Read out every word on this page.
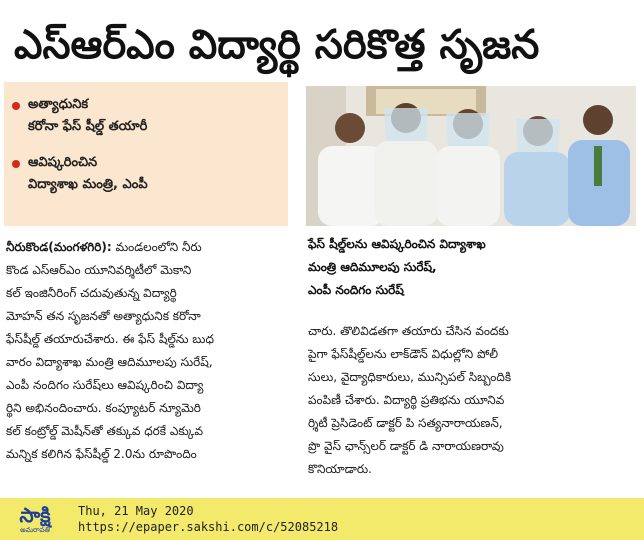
ఎస్‌ఆర్‌ఎం విద్యార్థి సరికొత్త సృజన
అత్యాధునిక
కరోనా ఫేస్ షీల్డ్ తయారీ
ఆవిష్కరించిన
విద్యాశాఖ మంత్రి, ఎంపీ
ఫేస్ షీల్డ్‌లను ఆవిష్కరించిన విద్యాశాఖ
మంత్రి ఆదిమూలపు సురేష్,
ఎంపీ నందిగం సురేష్
నీరుకొండ(మంగళగిరి): మండలంలోని నీరు
కొండ ఎస్‌ఆర్‌ఎం యూనివర్శిటీలో మెకాని
కల్ ఇంజినీరింగ్ చదువుతున్న విద్యార్థి
మోహన్ తన సృజనతో అత్యాధునిక కరోనా
ఫేస్‌షీల్డ్ తయారుచేశారు. ఈ ఫేస్ షీల్డ్‌ను బుధ
వారం విద్యాశాఖ మంత్రి ఆదిమూలపు సురేష్,
ఎంపీ నందిగం సురేష్‌లు ఆవిష్కరించి విద్యా
ర్థిని అభినందించారు. కంప్యూటర్ న్యూమెరి
కల్ కంట్రోల్డ్ మెషీన్‌తో తక్కువ ధరకే ఎక్కువ
మన్నిక కలిగిన ఫేస్‌షీల్డ్ 2.0ను రూపొందిం
చారు. తొలివిడతగా తయారు చేసిన వందకు
పైగా ఫేస్‌షీల్డ్‌లను లాక్‌డౌన్ విధుల్లోని పోలీ
సులు, వైద్యాధికారులు, మున్సిపల్ సిబ్బందికి
పంపిణీ చేశారు. విద్యార్థి ప్రతిభను యూనివ
ర్శిటీ ప్రెసిడెంట్ డాక్టర్ పి సత్యనారాయణన్,
ప్రొ వైస్ ఛాన్స్‌లర్ డాక్టర్ డి నారాయణరావు
కొనియాడారు.
సాక్షి
అమరావతి
Thu, 21 May 2020
https://epaper.sakshi.com/c/52085218
